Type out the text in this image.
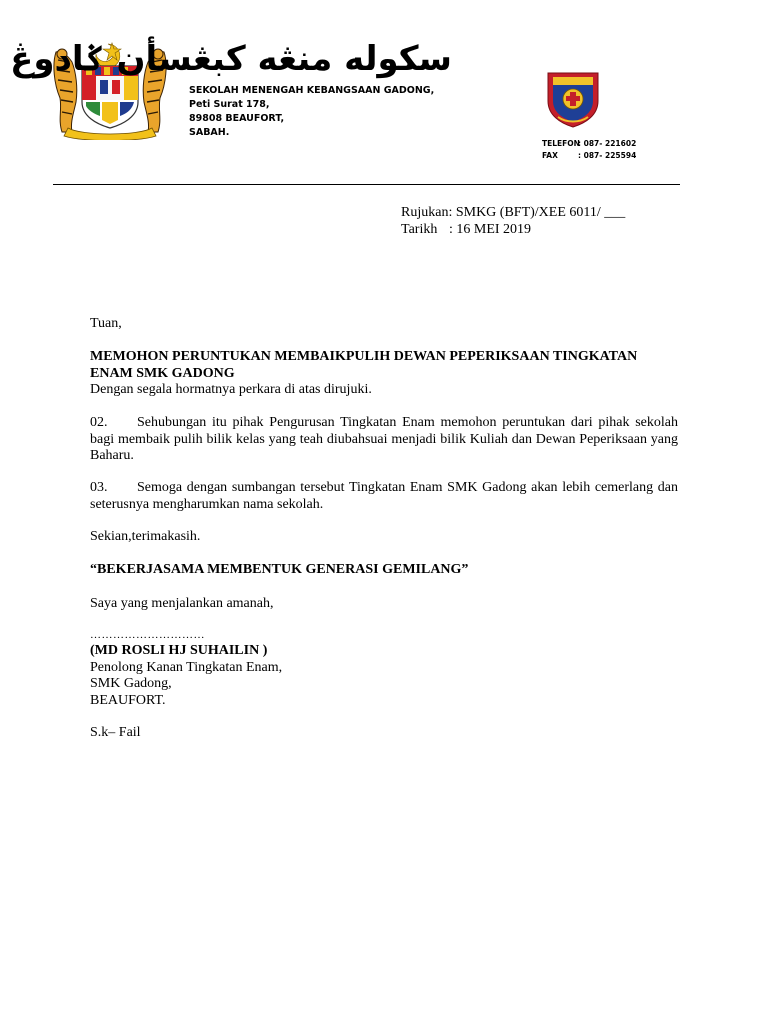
سکوله منڠه کبڠسأن ݢادوڠ
SEKOLAH MENENGAH KEBANGSAAN GADONG,
Peti Surat 178,
89808 BEAUFORT,
SABAH.
TELEFON: 087- 221602
FAX	: 087- 225594
Rujukan: SMKG (BFT)/XEE 6011/ ___
Tarikh : 16 MEI 2019
Tuan,
MEMOHON PERUNTUKAN MEMBAIKPULIH DEWAN PEPERIKSAAN TINGKATAN
ENAM SMK GADONG
Dengan segala hormatnya perkara di atas dirujuki.
02. Sehubungan itu pihak Pengurusan Tingkatan Enam memohon peruntukan dari pihak sekolah bagi membaik pulih bilik kelas yang teah diubahsuai menjadi bilik Kuliah dan Dewan Peperiksaan yang Baharu.
03. Semoga dengan sumbangan tersebut Tingkatan Enam SMK Gadong akan lebih cemerlang dan seterusnya mengharumkan nama sekolah.
Sekian,terimakasih.
“BEKERJASAMA MEMBENTUK GENERASI GEMILANG”
Saya yang menjalankan amanah,
…………………………
(MD ROSLI HJ SUHAILIN )
Penolong Kanan Tingkatan Enam,
SMK Gadong,
BEAUFORT.
S.k– Fail
